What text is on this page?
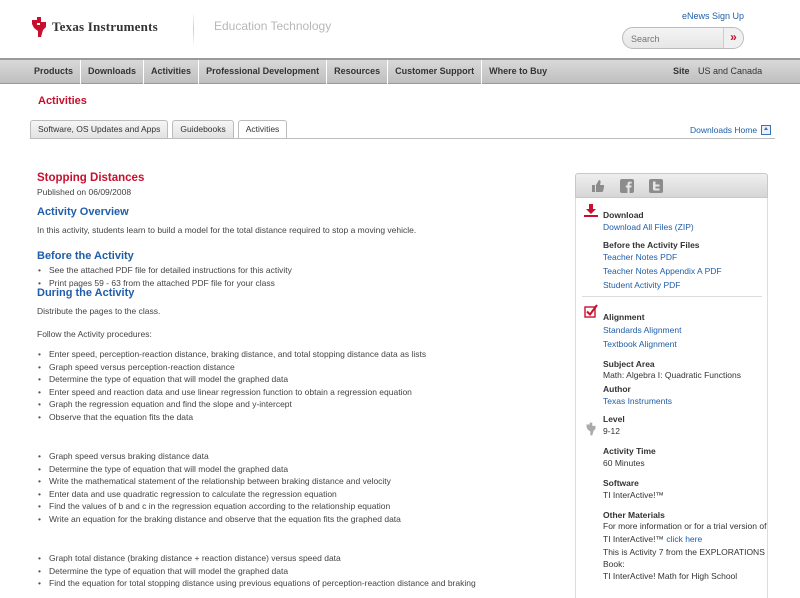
Texas Instruments	Education Technology
eNews Sign Up
Search
»
Products	Downloads	Activities	Professional Development	Resources	Customer Support	Where to Buy	Site US and Canada
Activities
Software, OS Updates and Apps	Guidebooks	Activities	Downloads Home
Stopping Distances
Published on 06/09/2008
Activity Overview
In this activity, students learn to build a model for the total distance required to stop a moving vehicle.
Before the Activity
• See the attached PDF file for detailed instructions for this activity
• Print pages 59 - 63 from the attached PDF file for your class
During the Activity
Distribute the pages to the class.
Follow the Activity procedures:
• Enter speed, perception-reaction distance, braking distance, and total stopping distance data as lists
• Graph speed versus perception-reaction distance
• Determine the type of equation that will model the graphed data
• Enter speed and reaction data and use linear regression function to obtain a regression equation
• Graph the regression equation and find the slope and y-intercept
• Observe that the equation fits the data
• Graph speed versus braking distance data
• Determine the type of equation that will model the graphed data
• Write the mathematical statement of the relationship between braking distance and velocity
• Enter data and use quadratic regression to calculate the regression equation
• Find the values of b and c in the regression equation according to the relationship equation
• Write an equation for the braking distance and observe that the equation fits the graphed data
• Graph total distance (braking distance + reaction distance) versus speed data
• Determine the type of equation that will model the graphed data
• Find the equation for total stopping distance using previous equations of perception-reaction distance and braking
Download
Download All Files (ZIP)
Before the Activity Files
Teacher Notes PDF
Teacher Notes Appendix A PDF
Student Activity PDF
Alignment
Standards Alignment
Textbook Alignment
Subject Area
Math: Algebra I: Quadratic Functions
Author
Texas Instruments
Level
9-12
Activity Time
60 Minutes
Software
TI InterActive!™
Other Materials
For more information or for a trial version of
TI InterActive!™ click here
This is Activity 7 from the EXPLORATIONS
Book:
TI InterActive! Math for High School
